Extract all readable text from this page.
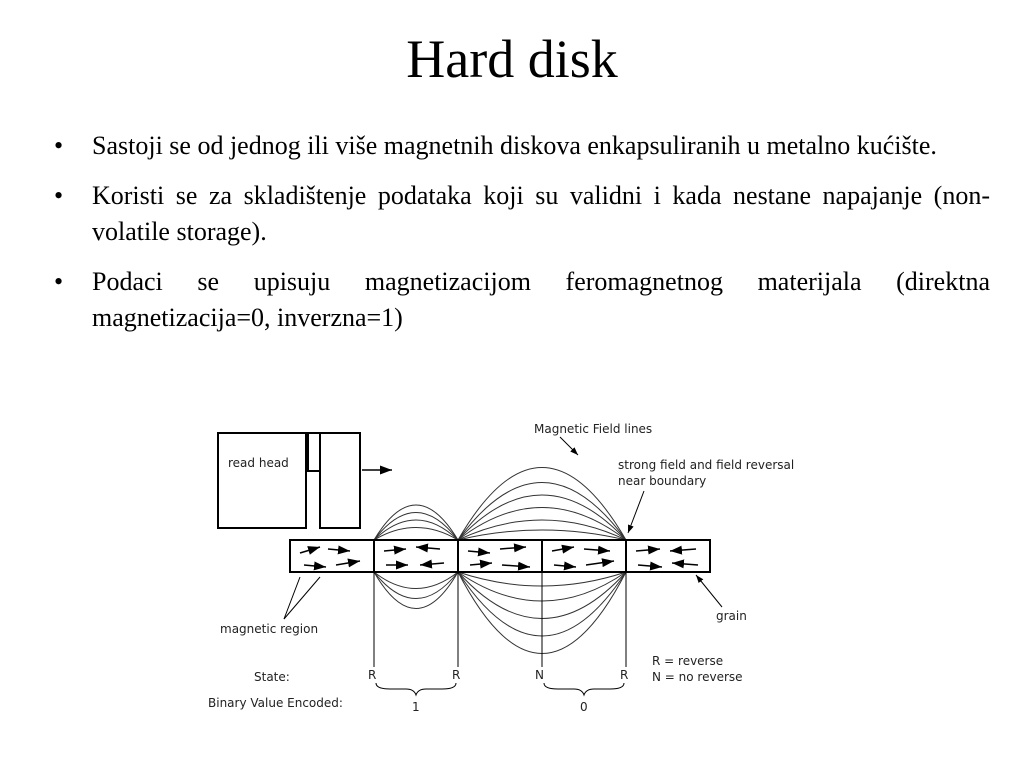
Hard disk
• Sastoji se od jednog ili više magnetnih diskova enkapsuliranih u metalno kućište.
• Koristi se za skladištenje podataka koji su validni i kada nestane napajanje (non-volatile storage).
• Podaci se upisuju magnetizacijom feromagnetnog materijala (direktna magnetizacija=0, inverzna=1)
read head
Magnetic Field lines
strong field and field reversal
near boundary
grain
magnetic region
State:
Binary Value Encoded:
R	R	N	R
1	0
R = reverse
N = no reverse
